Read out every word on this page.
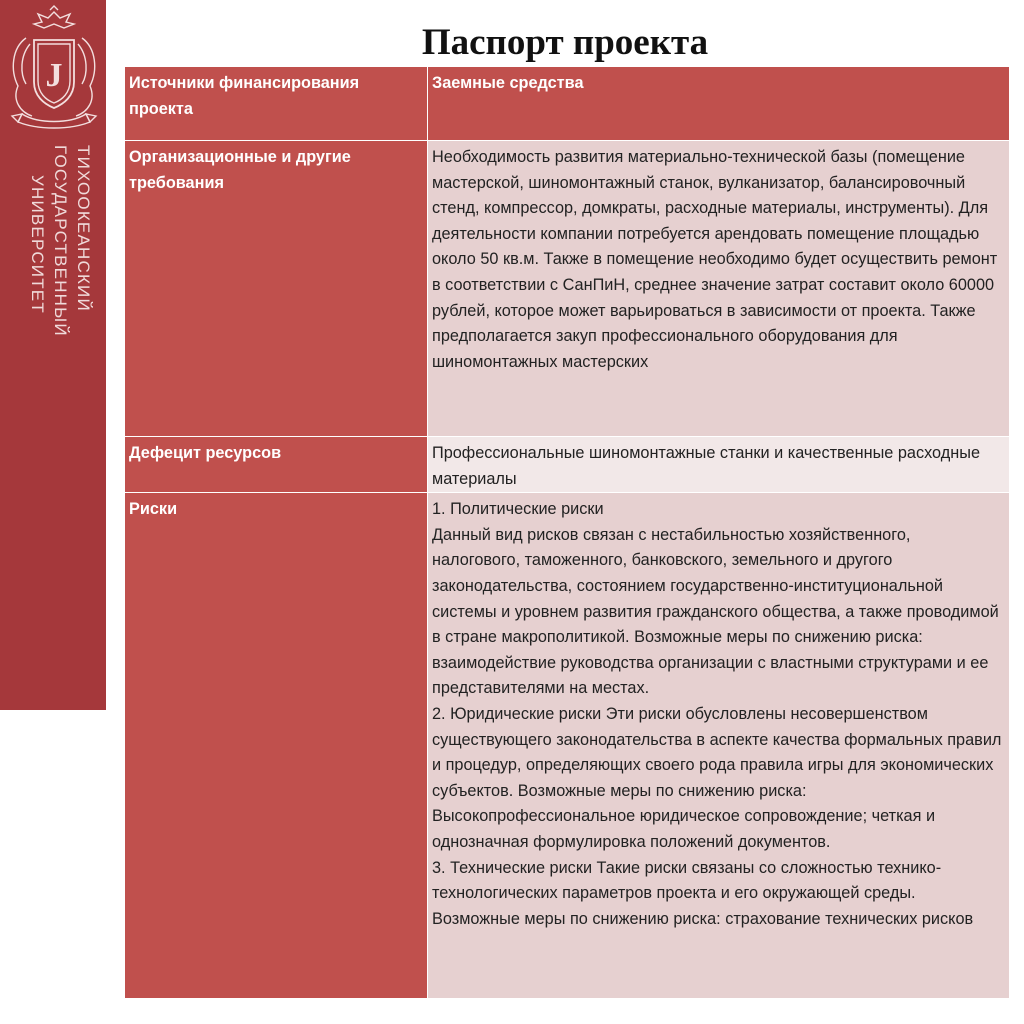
J
ТИХООКЕАНСКИЙ
ГОСУДАРСТВЕННЫЙ
УНИВЕРСИТЕТ
Паспорт проекта
Источники финансирования проекта	Заемные средства
Организационные и другие требования	Необходимость развития материально-технической базы (помещение мастерской, шиномонтажный станок, вулканизатор, балансировочный стенд, компрессор, домкраты, расходные материалы, инструменты). Для деятельности компании потребуется арендовать помещение площадью около 50 кв.м. Также в помещение необходимо будет осуществить ремонт в соответствии с СанПиН, среднее значение затрат составит около 60000 рублей, которое может варьироваться в зависимости от проекта. Также предполагается закуп профессионального оборудования для шиномонтажных мастерских
Дефецит ресурсов	Профессиональные шиномонтажные станки и качественные расходные материалы
Риски	1. Политические риски
Данный вид рисков связан с нестабильностью хозяйственного, налогового, таможенного, банковского, земельного и другого законодательства, состоянием государственно-институциональной системы и уровнем развития гражданского общества, а также проводимой в стране макрополитикой. Возможные меры по снижению риска: взаимодействие руководства организации с властными структурами и ее представителями на местах.
2. Юридические риски Эти риски обусловлены несовершенством существующего законодательства в аспекте качества формальных правил и процедур, определяющих своего рода правила игры для экономических субъектов. Возможные меры по снижению риска: Высокопрофессиональное юридическое сопровождение; четкая и однозначная формулировка положений документов.
3. Технические риски Такие риски связаны со сложностью технико-технологических параметров проекта и его окружающей среды. Возможные меры по снижению риска: страхование технических рисков
